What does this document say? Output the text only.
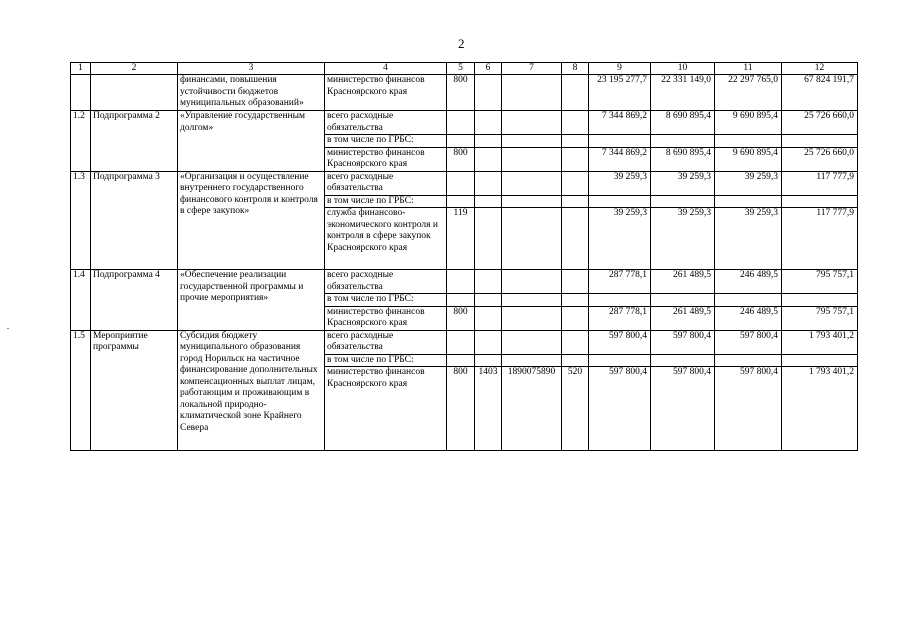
2
1	2	3	4	5	6	7	8	9	10	11	12
		финансами, повышения устойчивости бюджетов муниципальных образований»	министерство финансов Красноярского края	800				23 195 277,7	22 331 149,0	22 297 765,0	67 824 191,7
1.2	Подпрограмма 2	«Управление государственным долгом»	всего расходные обязательства					7 344 869,2	8 690 895,4	9 690 895,4	25 726 660,0
			в том числе по ГРБС:								
			министерство финансов Красноярского края	800				7 344 869,2	8 690 895,4	9 690 895,4	25 726 660,0
1.3	Подпрограмма 3	«Организация и осуществление внутреннего государственного финансового контроля и контроля в сфере закупок»	всего расходные обязательства					39 259,3	39 259,3	39 259,3	117 777,9
			в том числе по ГРБС:								
			служба финансово-экономического контроля и контроля в сфере закупок Красноярского края	119				39 259,3	39 259,3	39 259,3	117 777,9
1.4	Подпрограмма 4	«Обеспечение реализации государственной программы и прочие мероприятия»	всего расходные обязательства					287 778,1	261 489,5	246 489,5	795 757,1
			в том числе по ГРБС:								
			министерство финансов Красноярского края	800				287 778,1	261 489,5	246 489,5	795 757,1
1.5	Мероприятие программы	Субсидия бюджету муниципального образования город Норильск на частичное финансирование дополнительных компенсационных выплат лицам, работающим и проживающим в локальной природно-климатической зоне Крайнего Севера	всего расходные обязательства					597 800,4	597 800,4	597 800,4	1 793 401,2
			в том числе по ГРБС:								
			министерство финансов Красноярского края	800	1403	1890075890	520	597 800,4	597 800,4	597 800,4	1 793 401,2
